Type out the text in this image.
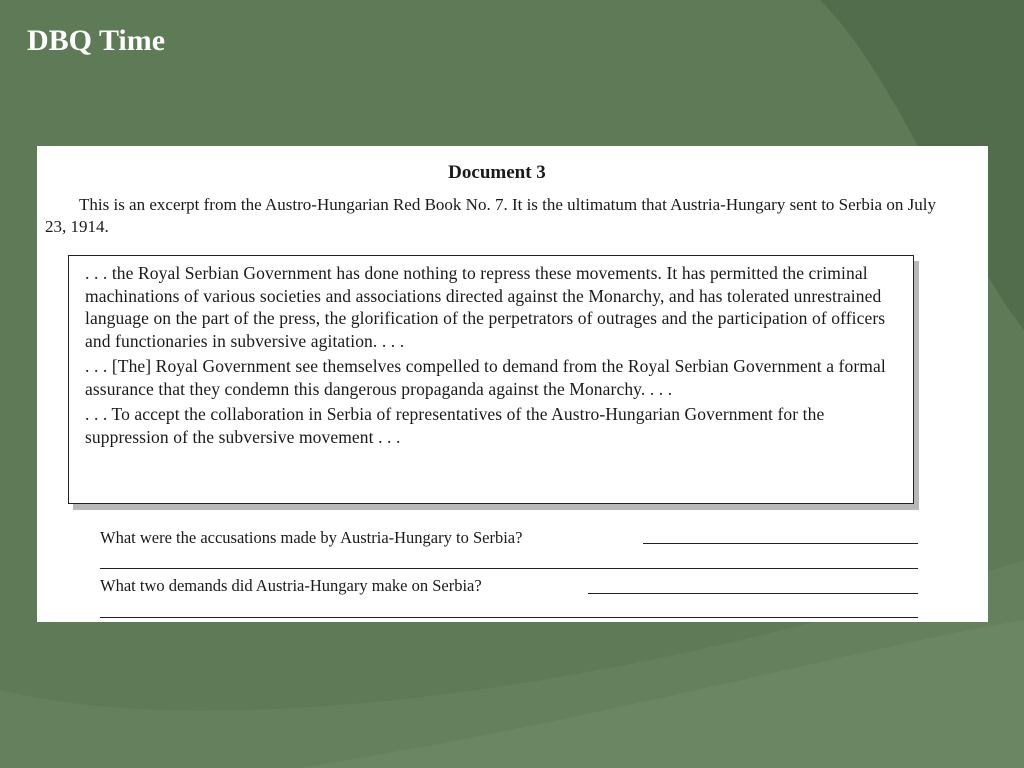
DBQ Time
Document 3
This is an excerpt from the Austro-Hungarian Red Book No. 7. It is the ultimatum that Austria-Hungary sent to Serbia on July 23, 1914.

. . . the Royal Serbian Government has done nothing to repress these movements. It has permitted the criminal machinations of various societies and associations directed against the Monarchy, and has tolerated unrestrained language on the part of the press, the glorification of the perpetrators of outrages and the participation of officers and functionaries in subversive agitation. . . .

. . . [The] Royal Government see themselves compelled to demand from the Royal Serbian Government a formal assurance that they condemn this dangerous propaganda against the Monarchy. . . .

. . . To accept the collaboration in Serbia of representatives of the Austro-Hungarian Government for the suppression of the subversive movement . . .

What were the accusations made by Austria-Hungary to Serbia?
What two demands did Austria-Hungary make on Serbia?
